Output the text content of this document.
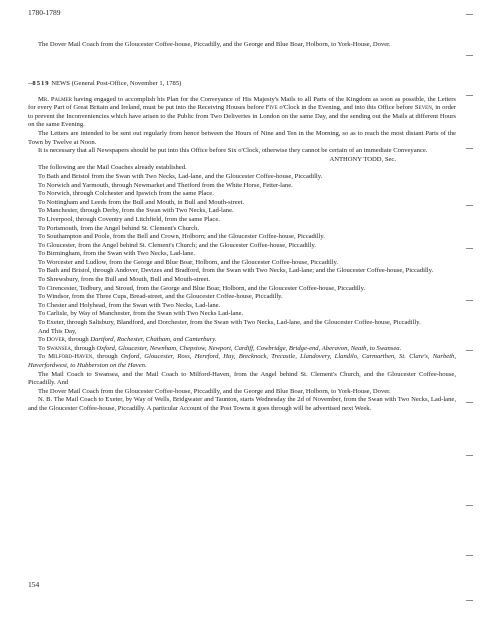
1780-1789

The Dover Mail Coach from the Gloucester Coffee-house, Piccadilly, and the George and Blue Boar, Holborn, to York-House, Dover.

--8519 NEWS (General Post-Office, November 1, 1785)

Mr. Palmer having engaged to accomplish his Plan for the Conveyance of His Majesty's Mails to all Parts of the Kingdom as soon as possible, the Letters for every Part of Great Britain and Ireland, must be put into the Receiving Houses before Five o'Clock in the Evening, and into this Office before Seven, in order to prevent the Inconveniencies which have arisen to the Public from Two Deliveries in London on the same Day, and the sending out the Mails at different Hours on the same Evening.

The Letters are intended to be sent out regularly from hence between the Hours of Nine and Ten in the Morning, so as to reach the most distant Parts of the Town by Twelve at Noon.

It is necessary that all Newspapers should be put into this Office before Six o'Clock, otherwise they cannot be certain of an immediate Conveyance.

ANTHONY TODD, Sec.

The following are the Mail Coaches already established.

To Bath and Bristol from the Swan with Two Necks, Lad-lane, and the Gloucester Coffee-house, Piccadilly.

To Norwich and Yarmouth, through Newmarket and Thetford from the White Horse, Fetter-lane.

To Norwich, through Colchester and Ipswich from the same Place.

To Nottingham and Leeds from the Bull and Mouth, in Bull and Mouth-street.

To Manchester, through Derby, from the Swan with Two Necks, Lad-lane.

To Liverpool, through Coventry and Litchfield, from the same Place.

To Portsmouth, from the Angel behind St. Clement's Church.

To Southampton and Poole, from the Bell and Crown, Holborn; and the Gloucester Coffee-house, Piccadilly.

To Gloucester, from the Angel behind St. Clement's Church; and the Gloucester Coffee-house, Piccadilly.

To Birmingham, from the Swan with Two Necks, Lad-lane.

To Worcester and Ludlow, from the George and Blue Boar, Holborn, and the Gloucester Coffee-house, Piccadilly.

To Bath and Bristol, through Andover, Devizes and Bradford, from the Swan with Two Necks, Lad-lane; and the Gloucester Coffee-house, Piccadilly.

To Shrewsbury, from the Bull and Mouth, Bull and Mouth-street.

To Cirencester, Tedbury, and Stroud, from the George and Blue Boar, Holborn, and the Gloucester Coffee-house, Piccadilly.

To Windsor, from the Three Cups, Bread-street, and the Gloucester Coffee-house, Piccadilly.

To Chester and Holyhead, from the Swan with Two Necks, Lad-lane.

To Carlisle, by Way of Manchester, from the Swan with Two Necks Lad-lane.

To Exeter, through Salisbury, Blandford, and Dorchester, from the Swan with Two Necks, Lad-lane, and the Gloucester Coffee-house, Piccadilly.

And This Day,

To Dover, through Dartford, Rochester, Chatham, and Canterbury.

To Swansea, through Oxford, Gloucester, Newnham, Chepstow, Newport, Cardiff, Cowbridge, Bridge-end, Aberavon, Neath, to Swansea.

To Milford-Haven, through Oxford, Gloucester, Ross, Hereford, Hay, Brecknock, Trecastle, Llandovery, Llandilo, Carmarthen, St. Clare's, Narbeth, Haverfordwest, to Hubberston on the Haven.

The Mail Coach to Swansea, and the Mail Coach to Milford-Haven, from the Angel behind St. Clement's Church, and the Gloucester Coffee-house, Piccadilly. And

The Dover Mail Coach from the Gloucester Coffee-house, Piccadilly, and the George and Blue Boar, Holborn, to York-House, Dover.

N. B. The Mail Coach to Exeter, by Way of Wells, Bridgwater and Taunton, starts Wednesday the 2d of November, from the Swan with Two Necks, Lad-lane, and the Gloucester Coffee-house, Piccadilly. A particular Account of the Post Towns it goes through will be advertised next Week.

154
